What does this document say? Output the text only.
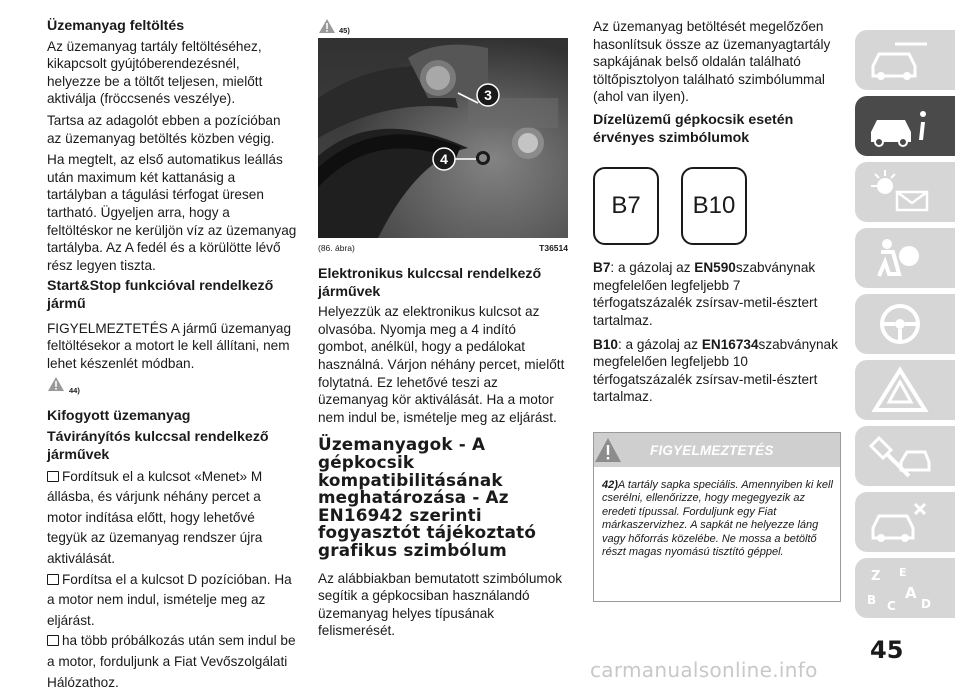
Üzemanyag feltöltés

Az üzemanyag tartály feltöltéséhez, kikapcsolt gyújtóberendezésnél, helyezze be a töltőt teljesen, mielőtt aktiválja (fröccsenés veszélye).

Tartsa az adagolót ebben a pozícióban az üzemanyag betöltés közben végig.

Ha megtelt, az első automatikus leállás után maximum két kattanásig a tartályban a tágulási térfogat üresen tartható. Ügyeljen arra, hogy a feltöltéskor ne kerüljön víz az üzemanyag tartályba. Az A fedél és a körülötte lévő rész legyen tiszta.

Start&Stop funkcióval rendelkező jármű

FIGYELMEZTETÉS A jármű üzemanyag feltöltésekor a motort le kell állítani, nem lehet készenlét módban.

44)
Kifogyott üzemanyag
Távirányítós kulccsal rendelkező járművek

Fordítsuk el a kulcsot «Menet» M állásba, és várjunk néhány percet a motor indítása előtt, hogy lehetővé tegyük az üzemanyag rendszer újra aktiválását.

Fordítsa el a kulcsot D pozícióban. Ha a motor nem indul, ismételje meg az eljárást.

ha több próbálkozás után sem indul be a motor, forduljunk a Fiat Vevőszolgálati Hálózathoz.

45)
3
4
(86. ábra)	T36514
Elektronikus kulccsal rendelkező járművek

Helyezzük az elektronikus kulcsot az olvasóba. Nyomja meg a 4 indító gombot, anélkül, hogy a pedálokat használná. Várjon néhány percet, mielőtt folytatná. Ez lehetővé teszi az üzemanyag kör aktiválását. Ha a motor nem indul be, ismételje meg az eljárást.

Üzemanyagok - A gépkocsik kompatibilitásának meghatározása - Az EN16942 szerinti fogyasztót tájékoztató grafikus szimbólum

Az alábbiakban bemutatott szimbólumok segítik a gépkocsiban használandó üzemanyag helyes típusának felismerését.

Az üzemanyag betöltését megelőzően hasonlítsuk össze az üzemanyagtartály sapkájának belső oldalán található töltőpisztolyon található szimbólummal (ahol van ilyen).

Dízelüzemű gépkocsik esetén érvényes szimbólumok
B7	B10

B7: a gázolaj az EN590szabványnak megfelelően legfeljebb 7 térfogatszázalék zsírsav-metil-észtert tartalmaz.

B10: a gázolaj az EN16734szabványnak megfelelően legfeljebb 10 térfogatszázalék zsírsav-metil-észtert tartalmaz.

FIGYELMEZTETÉS
42)A tartály sapka speciális. Amennyiben ki kell cserélni, ellenőrizze, hogy megegyezik az eredeti típussal. Forduljunk egy Fiat márkaszervizhez. A sapkát ne helyezze láng vagy hőforrás közelébe. Ne mossa a betöltő részt magas nyomású tisztító géppel.
Z E
B C
A
D
45
carmanualsonline.info
